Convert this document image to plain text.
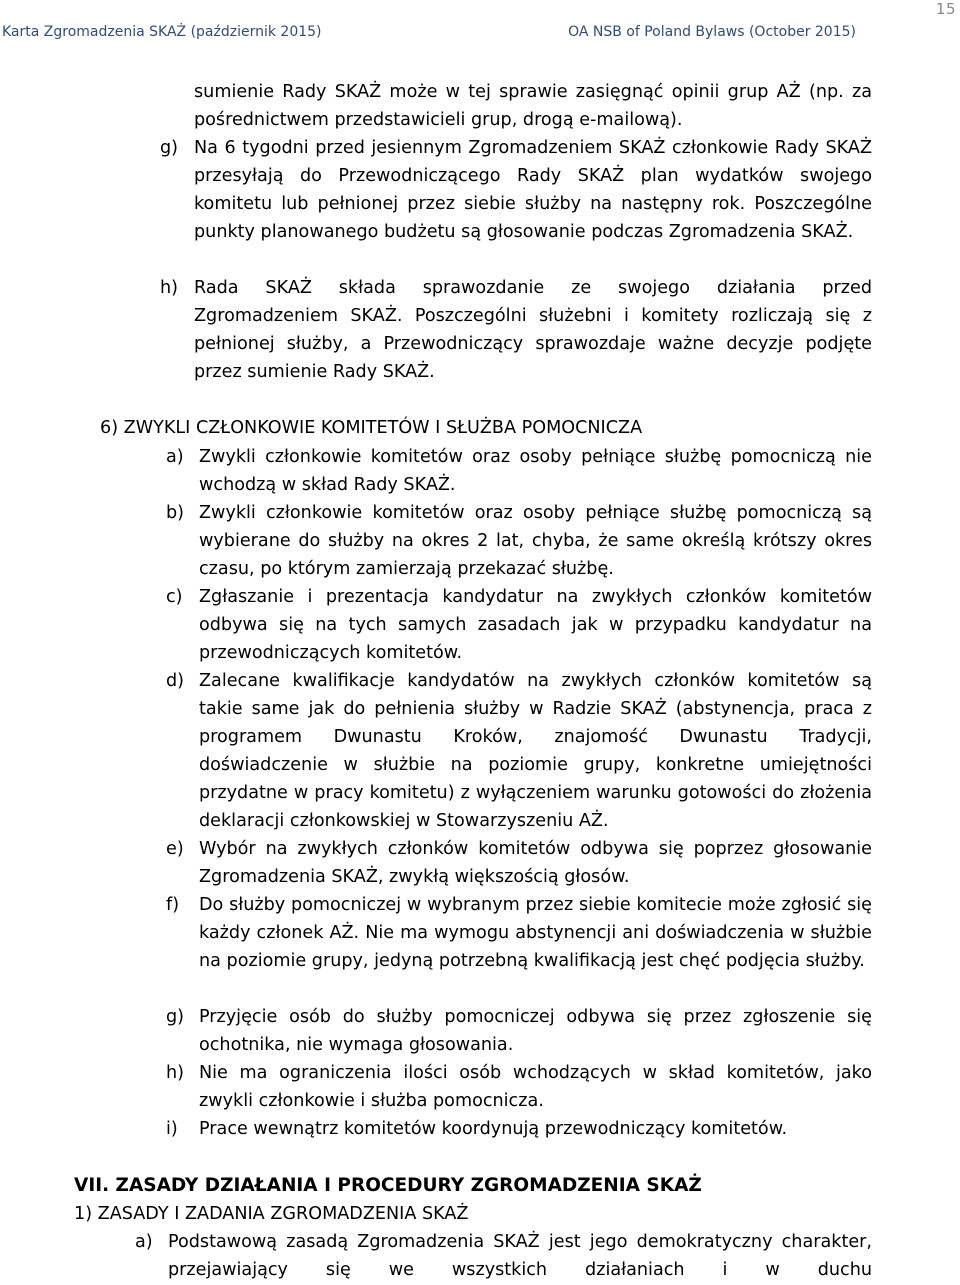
15
Karta Zgromadzenia SKAŻ (październik 2015)	OA NSB of Poland Bylaws (October 2015)
sumienie Rady SKAŻ może w tej sprawie zasięgnąć opinii grup AŻ (np. za pośrednictwem przedstawicieli grup, drogą e-mailową).
g) Na 6 tygodni przed jesiennym Zgromadzeniem SKAŻ członkowie Rady SKAŻ przesyłają do Przewodniczącego Rady SKAŻ plan wydatków swojego komitetu lub pełnionej przez siebie służby na następny rok. Poszczególne punkty planowanego budżetu są głosowanie podczas Zgromadzenia SKAŻ.
h) Rada SKAŻ składa sprawozdanie ze swojego działania przed Zgromadzeniem SKAŻ. Poszczególni służebni i komitety rozliczają się z pełnionej służby, a Przewodniczący sprawozdaje ważne decyzje podjęte przez sumienie Rady SKAŻ.
6) ZWYKLI CZŁONKOWIE KOMITETÓW I SŁUŻBA POMOCNICZA
a) Zwykli członkowie komitetów oraz osoby pełniące służbę pomocniczą nie wchodzą w skład Rady SKAŻ.
b) Zwykli członkowie komitetów oraz osoby pełniące służbę pomocniczą są wybierane do służby na okres 2 lat, chyba, że same określą krótszy okres czasu, po którym zamierzają przekazać służbę.
c) Zgłaszanie i prezentacja kandydatur na zwykłych członków komitetów odbywa się na tych samych zasadach jak w przypadku kandydatur na przewodniczących komitetów.
d) Zalecane kwalifikacje kandydatów na zwykłych członków komitetów są takie same jak do pełnienia służby w Radzie SKAŻ (abstynencja, praca z programem Dwunastu Kroków, znajomość Dwunastu Tradycji, doświadczenie w służbie na poziomie grupy, konkretne umiejętności przydatne w pracy komitetu) z wyłączeniem warunku gotowości do złożenia deklaracji członkowskiej w Stowarzyszeniu AŻ.
e) Wybór na zwykłych członków komitetów odbywa się poprzez głosowanie Zgromadzenia SKAŻ, zwykłą większością głosów.
f) Do służby pomocniczej w wybranym przez siebie komitecie może zgłosić się każdy członek AŻ. Nie ma wymogu abstynencji ani doświadczenia w służbie na poziomie grupy, jedyną potrzebną kwalifikacją jest chęć podjęcia służby.
g) Przyjęcie osób do służby pomocniczej odbywa się przez zgłoszenie się ochotnika, nie wymaga głosowania.
h) Nie ma ograniczenia ilości osób wchodzących w skład komitetów, jako zwykli członkowie i służba pomocnicza.
i) Prace wewnątrz komitetów koordynują przewodniczący komitetów.
VII. ZASADY DZIAŁANIA I PROCEDURY ZGROMADZENIA SKAŻ
1) ZASADY I ZADANIA ZGROMADZENIA SKAŻ
a) Podstawową zasadą Zgromadzenia SKAŻ jest jego demokratyczny charakter, przejawiający się we wszystkich działaniach i w duchu
